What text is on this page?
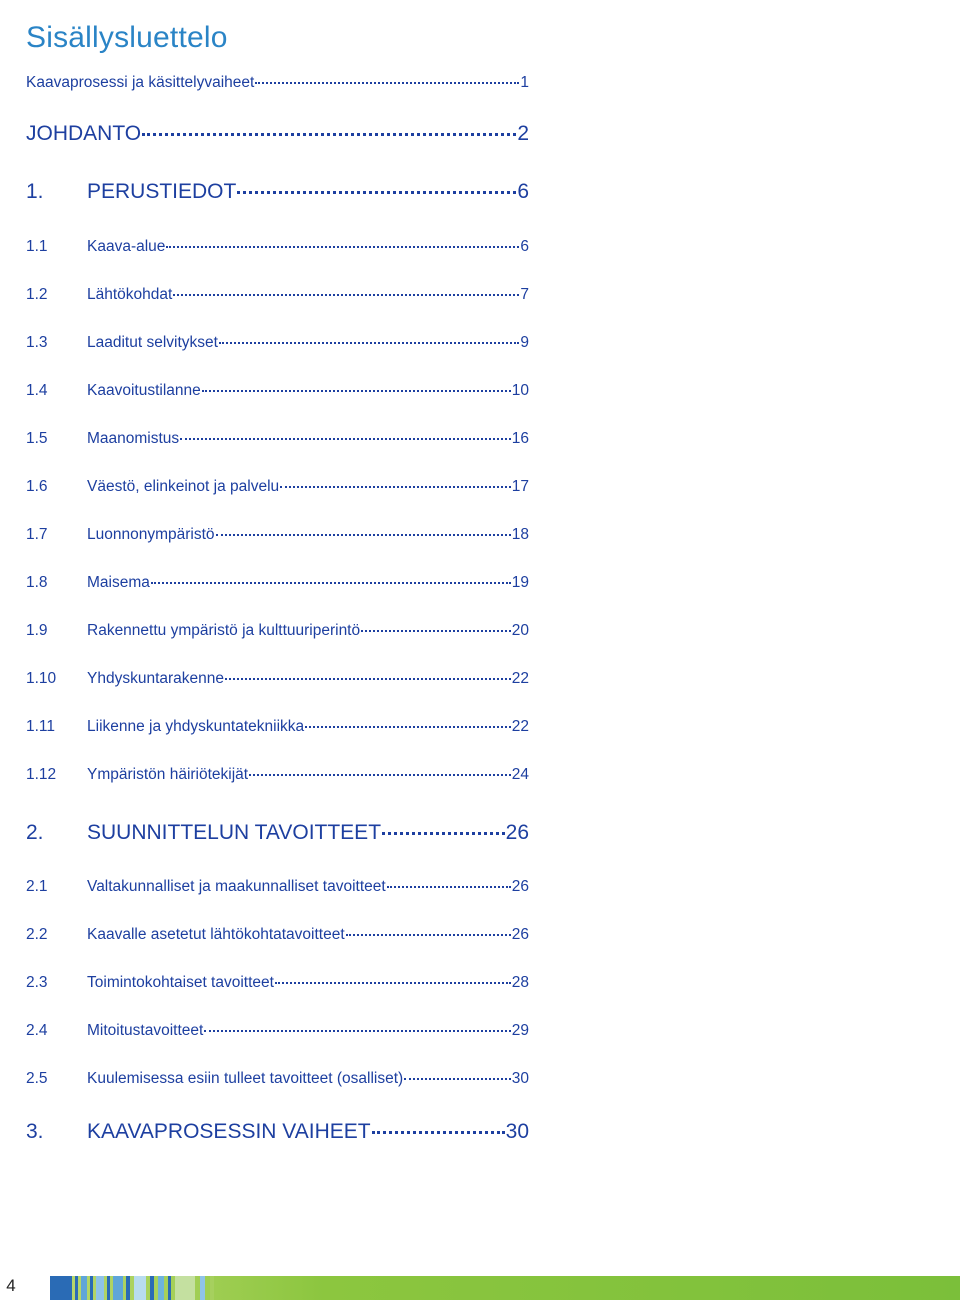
Sisällysluettelo
Kaavaprosessi ja käsittelyvaiheet	1
JOHDANTO	2
1.	PERUSTIEDOT	6
1.1	Kaava-alue	6
1.2	Lähtökohdat	7
1.3	Laaditut selvitykset	9
1.4	Kaavoitustilanne	10
1.5	Maanomistus	16
1.6	Väestö, elinkeinot ja palvelu	17
1.7	Luonnonympäristö	18
1.8	Maisema	19
1.9	Rakennettu ympäristö ja kulttuuriperintö	20
1.10	Yhdyskuntarakenne	22
1.11	Liikenne ja yhdyskuntatekniikka	22
1.12	Ympäristön häiriötekijät	24
2.	SUUNNITTELUN TAVOITTEET	26
2.1	Valtakunnalliset ja maakunnalliset tavoitteet	26
2.2	Kaavalle asetetut lähtökohtatavoitteet	26
2.3	Toimintokohtaiset tavoitteet	28
2.4	Mitoitustavoitteet	29
2.5	Kuulemisessa esiin tulleet tavoitteet (osalliset)	30
3.	KAAVAPROSESSIN VAIHEET	30
4
